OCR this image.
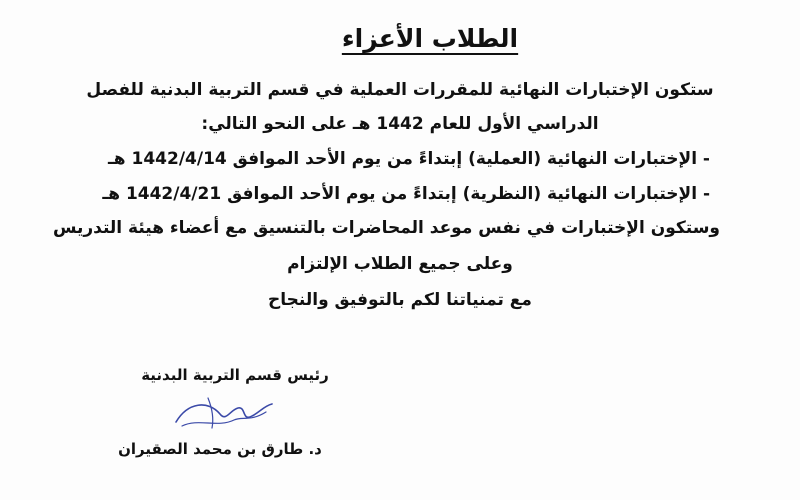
الطلاب الأعزاء
ستكون الإختبارات النهائية للمقررات العملية في قسم التربية البدنية للفصل
الدراسي الأول للعام 1442 هـ على النحو التالي:
- الإختبارات النهائية (العملية) إبتداءً من يوم الأحد الموافق 1442/4/14 هـ
- الإختبارات النهائية (النظرية) إبتداءً من يوم الأحد الموافق 1442/4/21 هـ
وستكون الإختبارات في نفس موعد المحاضرات بالتنسيق مع أعضاء هيئة التدريس
وعلى جميع الطلاب الإلتزام
مع تمنياتنا لكم بالتوفيق والنجاح
رئيس قسم التربية البدنية
د. طارق بن محمد الصقيران
